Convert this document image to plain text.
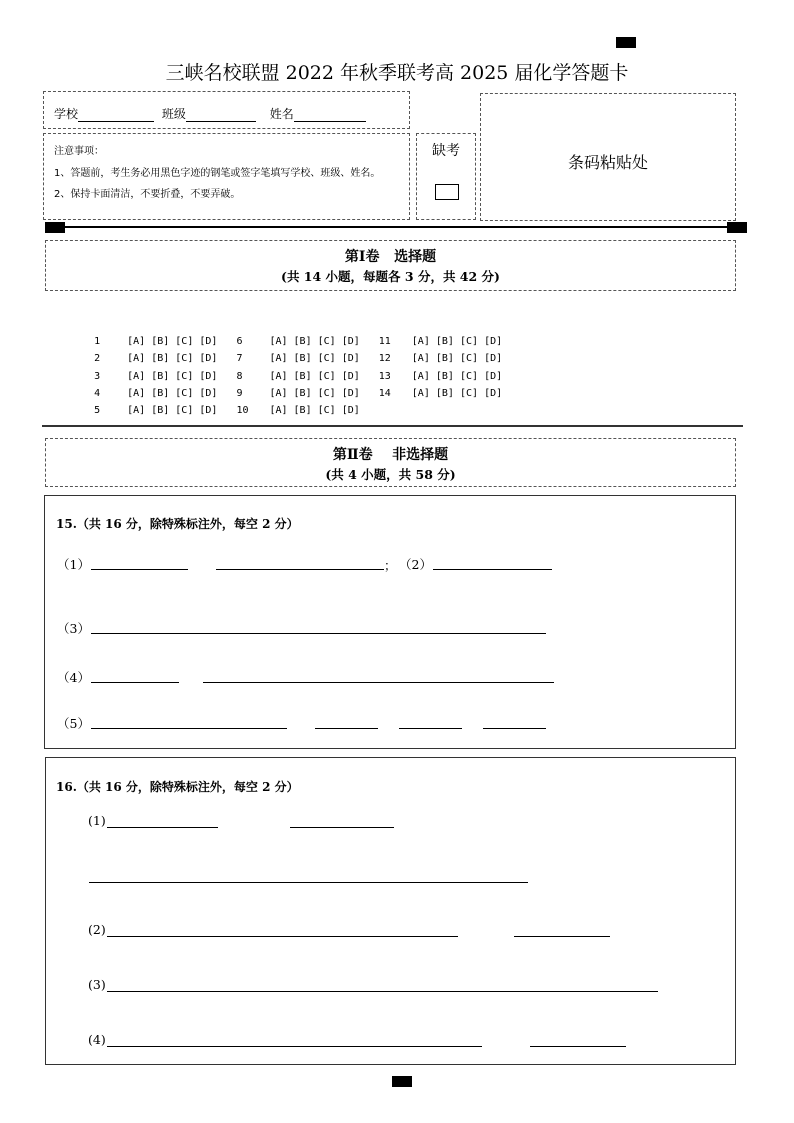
三峡名校联盟 2022 年秋季联考高 2025 届化学答题卡
学校	班级	姓名
注意事项：
1、答题前，考生务必用黑色字迹的钢笔或签字笔填写学校、班级、姓名。
2、保持卡面清洁，不要折叠，不要弄破。
缺考
条码粘贴处
第Ⅰ卷   选择题
(共 14 小题，每题各 3 分，共 42 分)

1	[A] [B] [C] [D] 6	[A] [B] [C] [D] 11 [A] [B] [C] [D]

2	[A] [B] [C] [D] 7	[A] [B] [C] [D] 12 [A] [B] [C] [D]

3	[A] [B] [C] [D] 8	[A] [B] [C] [D] 13 [A] [B] [C] [D]

4	[A] [B] [C] [D] 9	[A] [B] [C] [D] 14 [A] [B] [C] [D]

5	[A] [B] [C] [D] 10 [A] [B] [C] [D]

第Ⅱ卷    非选择题
(共 4 小题，共 58 分)
15.（共 16 分，除特殊标注外，每空 2 分）
（1）	； （2）
（3）
（4）
（5）
16.（共 16 分，除特殊标注外，每空 2 分）
(1)
(2)
(3)
(4)
